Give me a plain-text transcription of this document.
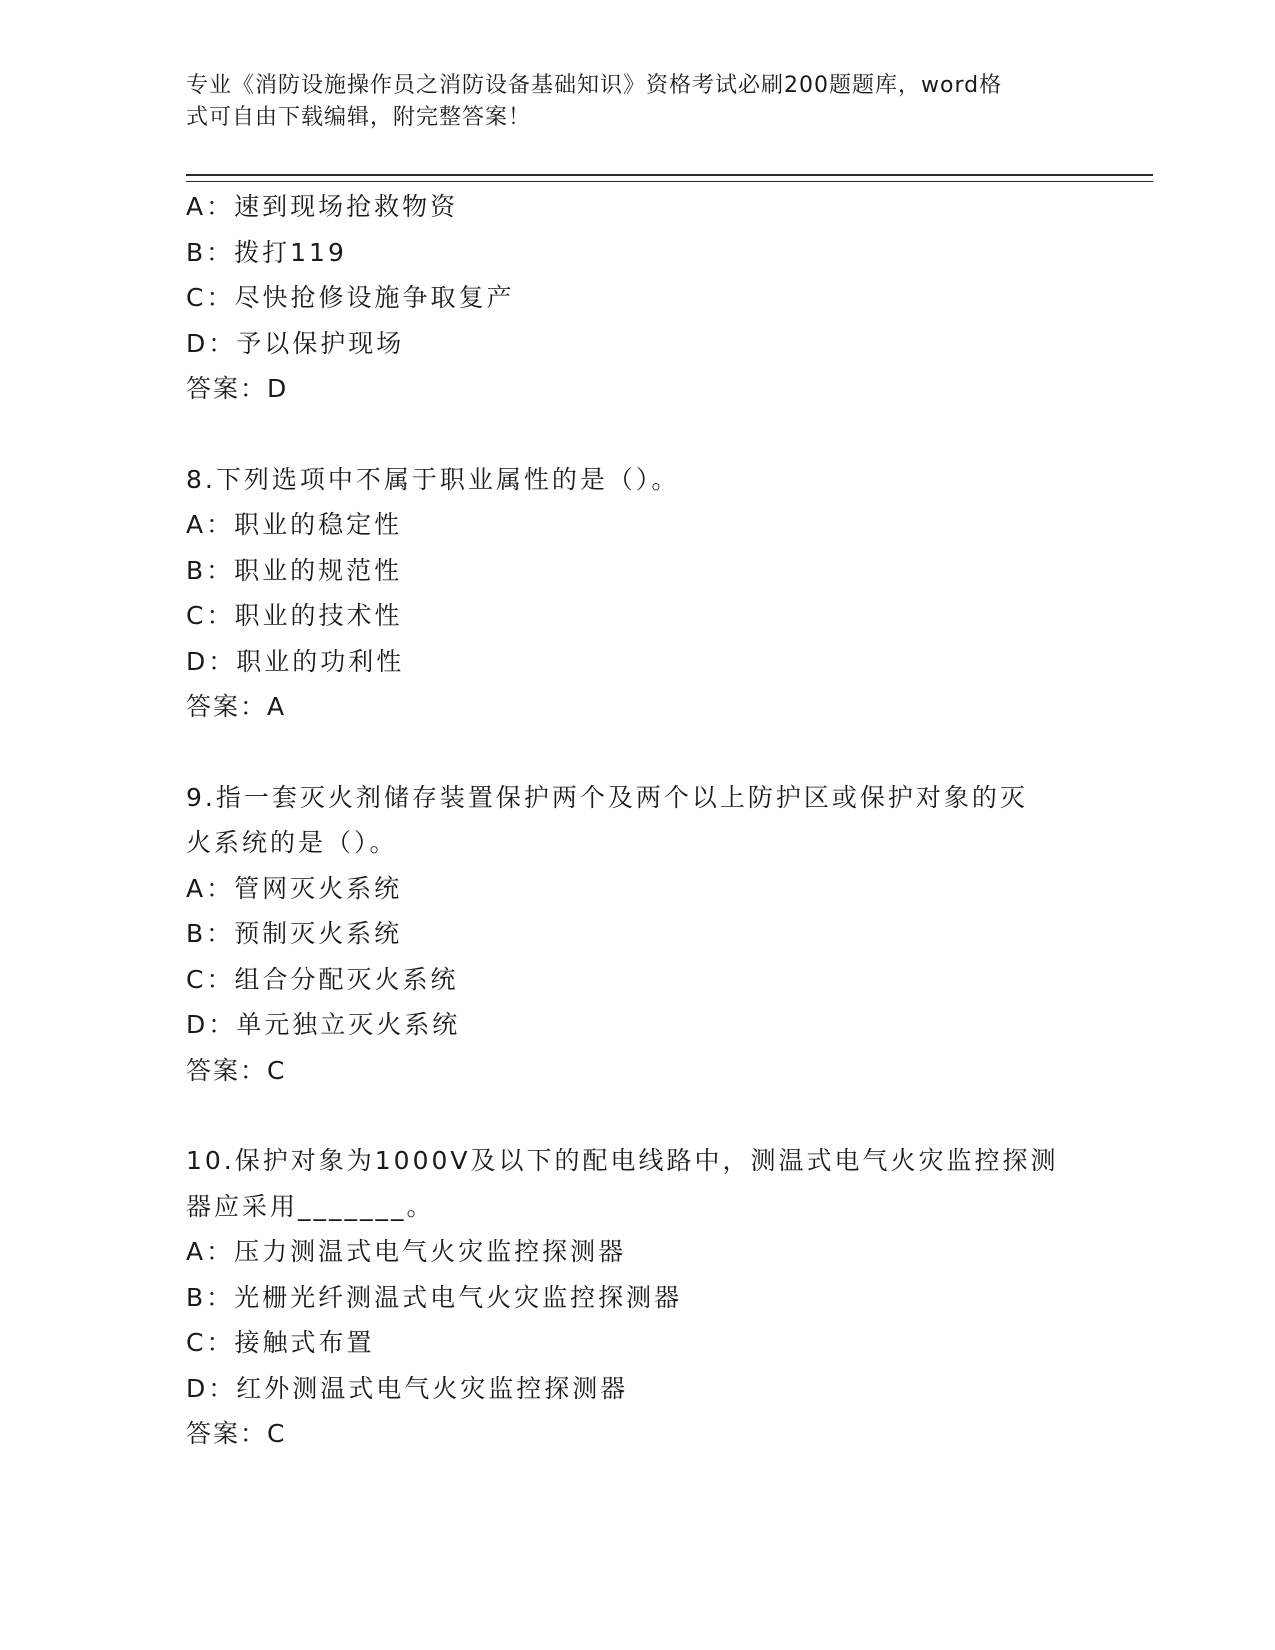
专业《消防设施操作员之消防设备基础知识》资格考试必刷200题题库，word格
式可自由下载编辑，附完整答案！
A：速到现场抢救物资
B：拨打119
C：尽快抢修设施争取复产
D：予以保护现场
答案：D
8.下列选项中不属于职业属性的是（）。
A：职业的稳定性
B：职业的规范性
C：职业的技术性
D：职业的功利性
答案：A
9.指一套灭火剂储存装置保护两个及两个以上防护区或保护对象的灭
火系统的是（）。
A：管网灭火系统
B：预制灭火系统
C：组合分配灭火系统
D：单元独立灭火系统
答案：C
10.保护对象为1000V及以下的配电线路中，测温式电气火灾监控探测
器应采用_______。
A：压力测温式电气火灾监控探测器
B：光栅光纤测温式电气火灾监控探测器
C：接触式布置
D：红外测温式电气火灾监控探测器
答案：C
